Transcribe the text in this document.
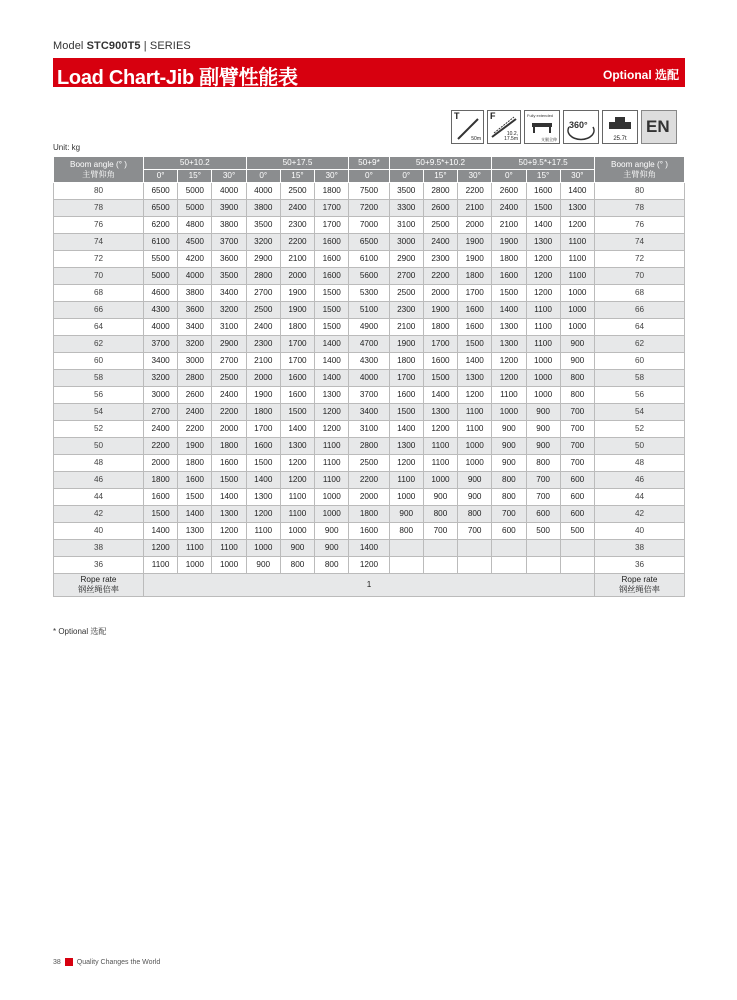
Model STC900T5 | SERIES
Load Chart-Jib 副臂性能表	Optional 选配
T
50m
F
10.2,
17.5m
Fully extended
支腿全伸
360°
25.7t
EN
Unit: kg
Boom angle (° )
主臂仰角	50+10.2			50+17.5			50+9*	50+9.5*+10.2			50+9.5*+17.5			Boom angle (° )
主臂仰角
	0°	15°	30°	0°	15°	30°	0°	0°	15°	30°	0°	15°	30°	
80	6500	5000	4000	4000	2500	1800	7500	3500	2800	2200	2600	1600	1400	80
78	6500	5000	3900	3800	2400	1700	7200	3300	2600	2100	2400	1500	1300	78
76	6200	4800	3800	3500	2300	1700	7000	3100	2500	2000	2100	1400	1200	76
74	6100	4500	3700	3200	2200	1600	6500	3000	2400	1900	1900	1300	1100	74
72	5500	4200	3600	2900	2100	1600	6100	2900	2300	1900	1800	1200	1100	72
70	5000	4000	3500	2800	2000	1600	5600	2700	2200	1800	1600	1200	1100	70
68	4600	3800	3400	2700	1900	1500	5300	2500	2000	1700	1500	1200	1000	68
66	4300	3600	3200	2500	1900	1500	5100	2300	1900	1600	1400	1100	1000	66
64	4000	3400	3100	2400	1800	1500	4900	2100	1800	1600	1300	1100	1000	64
62	3700	3200	2900	2300	1700	1400	4700	1900	1700	1500	1300	1100	900	62
60	3400	3000	2700	2100	1700	1400	4300	1800	1600	1400	1200	1000	900	60
58	3200	2800	2500	2000	1600	1400	4000	1700	1500	1300	1200	1000	800	58
56	3000	2600	2400	1900	1600	1300	3700	1600	1400	1200	1100	1000	800	56
54	2700	2400	2200	1800	1500	1200	3400	1500	1300	1100	1000	900	700	54
52	2400	2200	2000	1700	1400	1200	3100	1400	1200	1100	900	900	700	52
50	2200	1900	1800	1600	1300	1100	2800	1300	1100	1000	900	900	700	50
48	2000	1800	1600	1500	1200	1100	2500	1200	1100	1000	900	800	700	48
46	1800	1600	1500	1400	1200	1100	2200	1100	1000	900	800	700	600	46
44	1600	1500	1400	1300	1100	1000	2000	1000	900	900	800	700	600	44
42	1500	1400	1300	1200	1100	1000	1800	900	800	800	700	600	600	42
40	1400	1300	1200	1100	1000	900	1600	800	700	700	600	500	500	40
38	1200	1100	1100	1000	900	900	1400							38
36	1100	1000	1000	900	800	800	1200							36
Rope rate
钢丝绳倍率	1													Rope rate
钢丝绳倍率
* Optional 选配
38 Quality Changes the World
